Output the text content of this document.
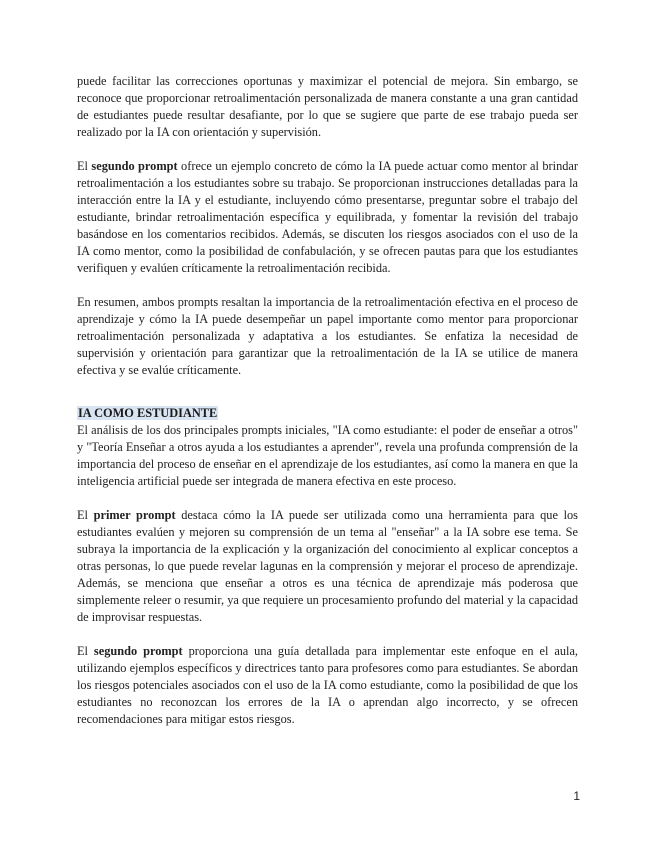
puede facilitar las correcciones oportunas y maximizar el potencial de mejora. Sin embargo, se reconoce que proporcionar retroalimentación personalizada de manera constante a una gran cantidad de estudiantes puede resultar desafiante, por lo que se sugiere que parte de ese trabajo pueda ser realizado por la IA con orientación y supervisión.

El segundo prompt ofrece un ejemplo concreto de cómo la IA puede actuar como mentor al brindar retroalimentación a los estudiantes sobre su trabajo. Se proporcionan instrucciones detalladas para la interacción entre la IA y el estudiante, incluyendo cómo presentarse, preguntar sobre el trabajo del estudiante, brindar retroalimentación específica y equilibrada, y fomentar la revisión del trabajo basándose en los comentarios recibidos. Además, se discuten los riesgos asociados con el uso de la IA como mentor, como la posibilidad de confabulación, y se ofrecen pautas para que los estudiantes verifiquen y evalúen críticamente la retroalimentación recibida.

En resumen, ambos prompts resaltan la importancia de la retroalimentación efectiva en el proceso de aprendizaje y cómo la IA puede desempeñar un papel importante como mentor para proporcionar retroalimentación personalizada y adaptativa a los estudiantes. Se enfatiza la necesidad de supervisión y orientación para garantizar que la retroalimentación de la IA se utilice de manera efectiva y se evalúe críticamente.

IA COMO ESTUDIANTE

El análisis de los dos principales prompts iniciales, "IA como estudiante: el poder de enseñar a otros" y "Teoría Enseñar a otros ayuda a los estudiantes a aprender", revela una profunda comprensión de la importancia del proceso de enseñar en el aprendizaje de los estudiantes, así como la manera en que la inteligencia artificial puede ser integrada de manera efectiva en este proceso.

El primer prompt destaca cómo la IA puede ser utilizada como una herramienta para que los estudiantes evalúen y mejoren su comprensión de un tema al "enseñar" a la IA sobre ese tema. Se subraya la importancia de la explicación y la organización del conocimiento al explicar conceptos a otras personas, lo que puede revelar lagunas en la comprensión y mejorar el proceso de aprendizaje. Además, se menciona que enseñar a otros es una técnica de aprendizaje más poderosa que simplemente releer o resumir, ya que requiere un procesamiento profundo del material y la capacidad de improvisar respuestas.

El segundo prompt proporciona una guía detallada para implementar este enfoque en el aula, utilizando ejemplos específicos y directrices tanto para profesores como para estudiantes. Se abordan los riesgos potenciales asociados con el uso de la IA como estudiante, como la posibilidad de que los estudiantes no reconozcan los errores de la IA o aprendan algo incorrecto, y se ofrecen recomendaciones para mitigar estos riesgos.

1
